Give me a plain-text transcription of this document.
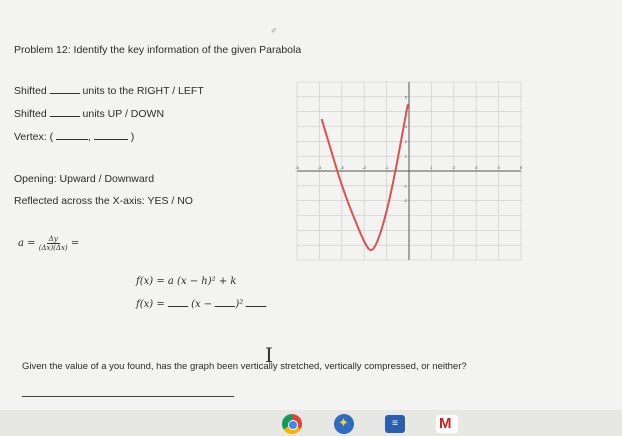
✐
Problem 12: Identify the key information of the given Parabola
Shifted	units to the RIGHT / LEFT
Shifted	units UP / DOWN
Vertex: (	,	)
Opening: Upward / Downward
Reflected across the X-axis: YES / NO
$a = \frac{\Delta y}{(\Delta x)(\Delta x)}$ =
f(x) = a (x − h)² + k
f(x) =	(x − )²
Given the value of a you found, has the graph been vertically stretched, vertically compressed, or neither?
I
-5	-4	-3	-2	-1	1	2	3	4	5
-2
-1
1
2
3
4
5
✦
≡
M
